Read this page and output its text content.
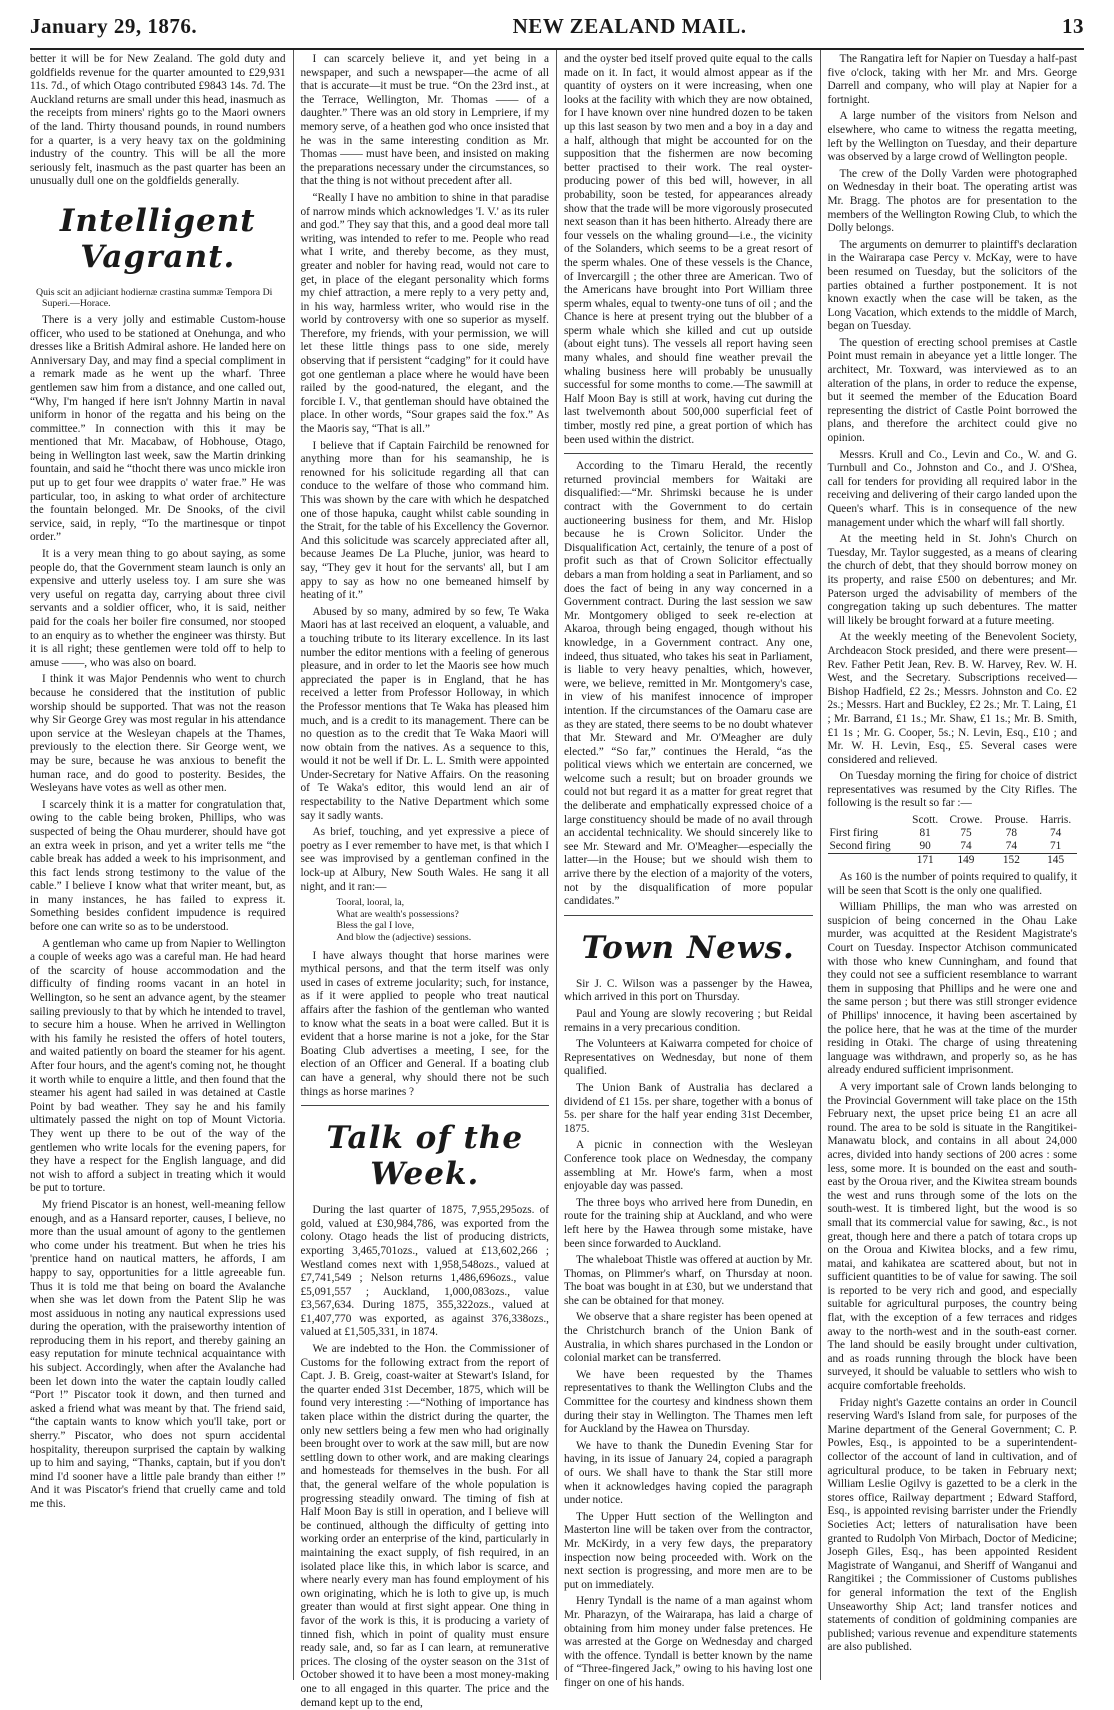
January 29, 1876.	NEW ZEALAND MAIL.	13

better it will be for New Zealand. The gold duty and goldfields revenue for the quarter amounted to £29,931 11s. 7d., of which Otago contributed £9843 14s. 7d. The Auckland returns are small under this head, inasmuch as the receipts from miners' rights go to the Maori owners of the land. Thirty thousand pounds, in round numbers for a quarter, is a very heavy tax on the goldmining industry of the country. This will be all the more seriously felt, inasmuch as the past quarter has been an unusually dull one on the goldfields generally.

Intelligent Vagrant.
Quis scit an adjiciant hodiernæ crastina summæ Tempora Di Superi.—Horace.

There is a very jolly and estimable Custom-house officer, who used to be stationed at Onehunga, and who dresses like a British Admiral ashore. He landed here on Anniversary Day, and may find a special compliment in a remark made as he went up the wharf. Three gentlemen saw him from a distance, and one called out, “Why, I'm hanged if here isn't Johnny Martin in naval uniform in honor of the regatta and his being on the committee.” In connection with this it may be mentioned that Mr. Macabaw, of Hobhouse, Otago, being in Wellington last week, saw the Martin drinking fountain, and said he “thocht there was unco mickle iron put up to get four wee drappits o' water frae.” He was particular, too, in asking to what order of architecture the fountain belonged. Mr. De Snooks, of the civil service, said, in reply, “To the martinesque or tinpot order.”

It is a very mean thing to go about saying, as some people do, that the Government steam launch is only an expensive and utterly useless toy. I am sure she was very useful on regatta day, carrying about three civil servants and a soldier officer, who, it is said, neither paid for the coals her boiler fire consumed, nor stooped to an enquiry as to whether the engineer was thirsty. But it is all right; these gentlemen were told off to help to amuse ——, who was also on board.

I think it was Major Pendennis who went to church because he considered that the institution of public worship should be supported. That was not the reason why Sir George Grey was most regular in his attendance upon service at the Wesleyan chapels at the Thames, previously to the election there. Sir George went, we may be sure, because he was anxious to benefit the human race, and do good to posterity. Besides, the Wesleyans have votes as well as other men.

I scarcely think it is a matter for congratulation that, owing to the cable being broken, Phillips, who was suspected of being the Ohau murderer, should have got an extra week in prison, and yet a writer tells me “the cable break has added a week to his imprisonment, and this fact lends strong testimony to the value of the cable.” I believe I know what that writer meant, but, as in many instances, he has failed to express it. Something besides confident impudence is required before one can write so as to be understood.

A gentleman who came up from Napier to Wellington a couple of weeks ago was a careful man. He had heard of the scarcity of house accommodation and the difficulty of finding rooms vacant in an hotel in Wellington, so he sent an advance agent, by the steamer sailing previously to that by which he intended to travel, to secure him a house. When he arrived in Wellington with his family he resisted the offers of hotel touters, and waited patiently on board the steamer for his agent. After four hours, and the agent's coming not, he thought it worth while to enquire a little, and then found that the steamer his agent had sailed in was detained at Castle Point by bad weather. They say he and his family ultimately passed the night on top of Mount Victoria. They went up there to be out of the way of the gentlemen who write locals for the evening papers, for they have a respect for the English language, and did not wish to afford a subject in treating which it would be put to torture.

My friend Piscator is an honest, well-meaning fellow enough, and as a Hansard reporter, causes, I believe, no more than the usual amount of agony to the gentlemen who come under his treatment. But when he tries his 'prentice hand on nautical matters, he affords, I am happy to say, opportunities for a little agreeable fun. Thus it is told me that being on board the Avalanche when she was let down from the Patent Slip he was most assiduous in noting any nautical expressions used during the operation, with the praiseworthy intention of reproducing them in his report, and thereby gaining an easy reputation for minute technical acquaintance with his subject. Accordingly, when after the Avalanche had been let down into the water the captain loudly called “Port !” Piscator took it down, and then turned and asked a friend what was meant by that. The friend said, “the captain wants to know which you'll take, port or sherry.” Piscator, who does not spurn accidental hospitality, thereupon surprised the captain by walking up to him and saying, “Thanks, captain, but if you don't mind I'd sooner have a little pale brandy than either !” And it was Piscator's friend that cruelly came and told me this.

I can scarcely believe it, and yet being in a newspaper, and such a newspaper—the acme of all that is accurate—it must be true. “On the 23rd inst., at the Terrace, Wellington, Mr. Thomas —— of a daughter.” There was an old story in Lempriere, if my memory serve, of a heathen god who once insisted that he was in the same interesting condition as Mr. Thomas —— must have been, and insisted on making the preparations necessary under the circumstances, so that the thing is not without precedent after all.

“Really I have no ambition to shine in that paradise of narrow minds which acknowledges 'I. V.' as its ruler and god.” They say that this, and a good deal more tall writing, was intended to refer to me. People who read what I write, and thereby become, as they must, greater and nobler for having read, would not care to get, in place of the elegant personality which forms my chief attraction, a mere reply to a very petty and, in his way, harmless writer, who would rise in the world by controversy with one so superior as myself. Therefore, my friends, with your permission, we will let these little things pass to one side, merely observing that if persistent “cadging” for it could have got one gentleman a place where he would have been railed by the good-natured, the elegant, and the forcible I. V., that gentleman should have obtained the place. In other words, “Sour grapes said the fox.” As the Maoris say, “That is all.”

I believe that if Captain Fairchild be renowned for anything more than for his seamanship, he is renowned for his solicitude regarding all that can conduce to the welfare of those who command him. This was shown by the care with which he despatched one of those hapuka, caught whilst cable sounding in the Strait, for the table of his Excellency the Governor. And this solicitude was scarcely appreciated after all, because Jeames De La Pluche, junior, was heard to say, “They gev it hout for the servants' all, but I am appy to say as how no one bemeaned himself by heating of it.”

Abused by so many, admired by so few, Te Waka Maori has at last received an eloquent, a valuable, and a touching tribute to its literary excellence. In its last number the editor mentions with a feeling of generous pleasure, and in order to let the Maoris see how much appreciated the paper is in England, that he has received a letter from Professor Holloway, in which the Professor mentions that Te Waka has pleased him much, and is a credit to its management. There can be no question as to the credit that Te Waka Maori will now obtain from the natives. As a sequence to this, would it not be well if Dr. L. L. Smith were appointed Under-Secretary for Native Affairs. On the reasoning of Te Waka's editor, this would lend an air of respectability to the Native Department which some say it sadly wants.

As brief, touching, and yet expressive a piece of poetry as I ever remember to have met, is that which I see was improvised by a gentleman confined in the lock-up at Albury, New South Wales. He sang it all night, and it ran:—

Tooral, looral, la,
What are wealth's possessions?
Bless the gal I love,
And blow the (adjective) sessions.

I have always thought that horse marines were mythical persons, and that the term itself was only used in cases of extreme jocularity; such, for instance, as if it were applied to people who treat nautical affairs after the fashion of the gentleman who wanted to know what the seats in a boat were called. But it is evident that a horse marine is not a joke, for the Star Boating Club advertises a meeting, I see, for the election of an Officer and General. If a boating club can have a general, why should there not be such things as horse marines ?

Talk of the Week.

During the last quarter of 1875, 7,955,295ozs. of gold, valued at £30,984,786, was exported from the colony. Otago heads the list of producing districts, exporting 3,465,701ozs., valued at £13,602,266 ; Westland comes next with 1,958,548ozs., valued at £7,741,549 ; Nelson returns 1,486,696ozs., value £5,091,557 ; Auckland, 1,000,083ozs., value £3,567,634. During 1875, 355,322ozs., valued at £1,407,770 was exported, as against 376,338ozs., valued at £1,505,331, in 1874.

We are indebted to the Hon. the Commissioner of Customs for the following extract from the report of Capt. J. B. Greig, coast-waiter at Stewart's Island, for the quarter ended 31st December, 1875, which will be found very interesting :—“Nothing of importance has taken place within the district during the quarter, the only new settlers being a few men who had originally been brought over to work at the saw mill, but are now settling down to other work, and are making clearings and homesteads for themselves in the bush. For all that, the general welfare of the whole population is progressing steadily onward. The timing of fish at Half Moon Bay is still in operation, and I believe will be continued, although the difficulty of getting into working order an enterprise of the kind, particularly in maintaining the exact supply, of fish required, in an isolated place like this, in which labor is scarce, and where nearly every man has found employment of his own originating, which he is loth to give up, is much greater than would at first sight appear. One thing in favor of the work is this, it is producing a variety of tinned fish, which in point of quality must ensure ready sale, and, so far as I can learn, at remunerative prices. The closing of the oyster season on the 31st of October showed it to have been a most money-making one to all engaged in this quarter. The price and the demand kept up to the end,

and the oyster bed itself proved quite equal to the calls made on it. In fact, it would almost appear as if the quantity of oysters on it were increasing, when one looks at the facility with which they are now obtained, for I have known over nine hundred dozen to be taken up this last season by two men and a boy in a day and a half, although that might be accounted for on the supposition that the fishermen are now becoming better practised to their work. The real oyster-producing power of this bed will, however, in all probability, soon be tested, for appearances already show that the trade will be more vigorously prosecuted next season than it has been hitherto. Already there are four vessels on the whaling ground—i.e., the vicinity of the Solanders, which seems to be a great resort of the sperm whales. One of these vessels is the Chance, of Invercargill ; the other three are American. Two of the Americans have brought into Port William three sperm whales, equal to twenty-one tuns of oil ; and the Chance is here at present trying out the blubber of a sperm whale which she killed and cut up outside (about eight tuns). The vessels all report having seen many whales, and should fine weather prevail the whaling business here will probably be unusually successful for some months to come.—The sawmill at Half Moon Bay is still at work, having cut during the last twelvemonth about 500,000 superficial feet of timber, mostly red pine, a great portion of which has been used within the district.

According to the Timaru Herald, the recently returned provincial members for Waitaki are disqualified:—“Mr. Shrimski because he is under contract with the Government to do certain auctioneering business for them, and Mr. Hislop because he is Crown Solicitor. Under the Disqualification Act, certainly, the tenure of a post of profit such as that of Crown Solicitor effectually debars a man from holding a seat in Parliament, and so does the fact of being in any way concerned in a Government contract. During the last session we saw Mr. Montgomery obliged to seek re-election at Akaroa, through being engaged, though without his knowledge, in a Government contract. Any one, indeed, thus situated, who takes his seat in Parliament, is liable to very heavy penalties, which, however, were, we believe, remitted in Mr. Montgomery's case, in view of his manifest innocence of improper intention. If the circumstances of the Oamaru case are as they are stated, there seems to be no doubt whatever that Mr. Steward and Mr. O'Meagher are duly elected.” “So far,” continues the Herald, “as the political views which we entertain are concerned, we welcome such a result; but on broader grounds we could not but regard it as a matter for great regret that the deliberate and emphatically expressed choice of a large constituency should be made of no avail through an accidental technicality. We should sincerely like to see Mr. Steward and Mr. O'Meagher—especially the latter—in the House; but we should wish them to arrive there by the election of a majority of the voters, not by the disqualification of more popular candidates.”

Town News.

Sir J. C. Wilson was a passenger by the Hawea, which arrived in this port on Thursday.

Paul and Young are slowly recovering ; but Reidal remains in a very precarious condition.

The Volunteers at Kaiwarra competed for choice of Representatives on Wednesday, but none of them qualified.

The Union Bank of Australia has declared a dividend of £1 15s. per share, together with a bonus of 5s. per share for the half year ending 31st December, 1875.

A picnic in connection with the Wesleyan Conference took place on Wednesday, the company assembling at Mr. Howe's farm, when a most enjoyable day was passed.

The three boys who arrived here from Dunedin, en route for the training ship at Auckland, and who were left here by the Hawea through some mistake, have been since forwarded to Auckland.

The whaleboat Thistle was offered at auction by Mr. Thomas, on Plimmer's wharf, on Thursday at noon. The boat was bought in at £30, but we understand that she can be obtained for that money.

We observe that a share register has been opened at the Christchurch branch of the Union Bank of Australia, in which shares purchased in the London or colonial market can be transferred.

We have been requested by the Thames representatives to thank the Wellington Clubs and the Committee for the courtesy and kindness shown them during their stay in Wellington. The Thames men left for Auckland by the Hawea on Thursday.

We have to thank the Dunedin Evening Star for having, in its issue of January 24, copied a paragraph of ours. We shall have to thank the Star still more when it acknowledges having copied the paragraph under notice.

The Upper Hutt section of the Wellington and Masterton line will be taken over from the contractor, Mr. McKirdy, in a very few days, the preparatory inspection now being proceeded with. Work on the next section is progressing, and more men are to be put on immediately.

Henry Tyndall is the name of a man against whom Mr. Pharazyn, of the Wairarapa, has laid a charge of obtaining from him money under false pretences. He was arrested at the Gorge on Wednesday and charged with the offence. Tyndall is better known by the name of “Three-fingered Jack,” owing to his having lost one finger on one of his hands.

The Rangatira left for Napier on Tuesday a half-past five o'clock, taking with her Mr. and Mrs. George Darrell and company, who will play at Napier for a fortnight.

A large number of the visitors from Nelson and elsewhere, who came to witness the regatta meeting, left by the Wellington on Tuesday, and their departure was observed by a large crowd of Wellington people.

The crew of the Dolly Varden were photographed on Wednesday in their boat. The operating artist was Mr. Bragg. The photos are for presentation to the members of the Wellington Rowing Club, to which the Dolly belongs.

The arguments on demurrer to plaintiff's declaration in the Wairarapa case Percy v. McKay, were to have been resumed on Tuesday, but the solicitors of the parties obtained a further postponement. It is not known exactly when the case will be taken, as the Long Vacation, which extends to the middle of March, began on Tuesday.

The question of erecting school premises at Castle Point must remain in abeyance yet a little longer. The architect, Mr. Toxward, was interviewed as to an alteration of the plans, in order to reduce the expense, but it seemed the member of the Education Board representing the district of Castle Point borrowed the plans, and therefore the architect could give no opinion.

Messrs. Krull and Co., Levin and Co., W. and G. Turnbull and Co., Johnston and Co., and J. O'Shea, call for tenders for providing all required labor in the receiving and delivering of their cargo landed upon the Queen's wharf. This is in consequence of the new management under which the wharf will fall shortly.

At the meeting held in St. John's Church on Tuesday, Mr. Taylor suggested, as a means of clearing the church of debt, that they should borrow money on its property, and raise £500 on debentures; and Mr. Paterson urged the advisability of members of the congregation taking up such debentures. The matter will likely be brought forward at a future meeting.

At the weekly meeting of the Benevolent Society, Archdeacon Stock presided, and there were present—Rev. Father Petit Jean, Rev. B. W. Harvey, Rev. W. H. West, and the Secretary. Subscriptions received—Bishop Hadfield, £2 2s.; Messrs. Johnston and Co. £2 2s.; Messrs. Hart and Buckley, £2 2s.; Mr. T. Laing, £1 ; Mr. Barrand, £1 1s.; Mr. Shaw, £1 1s.; Mr. B. Smith, £1 1s ; Mr. G. Cooper, 5s.; N. Levin, Esq., £10 ; and Mr. W. H. Levin, Esq., £5. Several cases were considered and relieved.

On Tuesday morning the firing for choice of district representatives was resumed by the City Rifles. The following is the result so far :—

	Scott.	Crowe.	Prouse.	Harris.
First firing	81	75	78	74
Second firing	90	74	74	71
	171	149	152	145

As 160 is the number of points required to qualify, it will be seen that Scott is the only one qualified.

William Phillips, the man who was arrested on suspicion of being concerned in the Ohau Lake murder, was acquitted at the Resident Magistrate's Court on Tuesday. Inspector Atchison communicated with those who knew Cunningham, and found that they could not see a sufficient resemblance to warrant them in supposing that Phillips and he were one and the same person ; but there was still stronger evidence of Phillips' innocence, it having been ascertained by the police here, that he was at the time of the murder residing in Otaki. The charge of using threatening language was withdrawn, and properly so, as he has already endured sufficient imprisonment.

A very important sale of Crown lands belonging to the Provincial Government will take place on the 15th February next, the upset price being £1 an acre all round. The area to be sold is situate in the Rangitikei-Manawatu block, and contains in all about 24,000 acres, divided into handy sections of 200 acres : some less, some more. It is bounded on the east and south-east by the Oroua river, and the Kiwitea stream bounds the west and runs through some of the lots on the south-west. It is timbered light, but the wood is so small that its commercial value for sawing, &c., is not great, though here and there a patch of totara crops up on the Oroua and Kiwitea blocks, and a few rimu, matai, and kahikatea are scattered about, but not in sufficient quantities to be of value for sawing. The soil is reported to be very rich and good, and especially suitable for agricultural purposes, the country being flat, with the exception of a few terraces and ridges away to the north-west and in the south-east corner. The land should be easily brought under cultivation, and as roads running through the block have been surveyed, it should be valuable to settlers who wish to acquire comfortable freeholds.

Friday night's Gazette contains an order in Council reserving Ward's Island from sale, for purposes of the Marine department of the General Government; C. P. Powles, Esq., is appointed to be a superintendent-collector of the account of land in cultivation, and of agricultural produce, to be taken in February next; William Leslie Ogilvy is gazetted to be a clerk in the stores office, Railway department ; Edward Stafford, Esq., is appointed revising barrister under the Friendly Societies Act; letters of naturalisation have been granted to Rudolph Von Mirbach, Doctor of Medicine; Joseph Giles, Esq., has been appointed Resident Magistrate of Wanganui, and Sheriff of Wanganui and Rangitikei ; the Commissioner of Customs publishes for general information the text of the English Unseaworthy Ship Act; land transfer notices and statements of condition of goldmining companies are published; various revenue and expenditure statements are also published.
